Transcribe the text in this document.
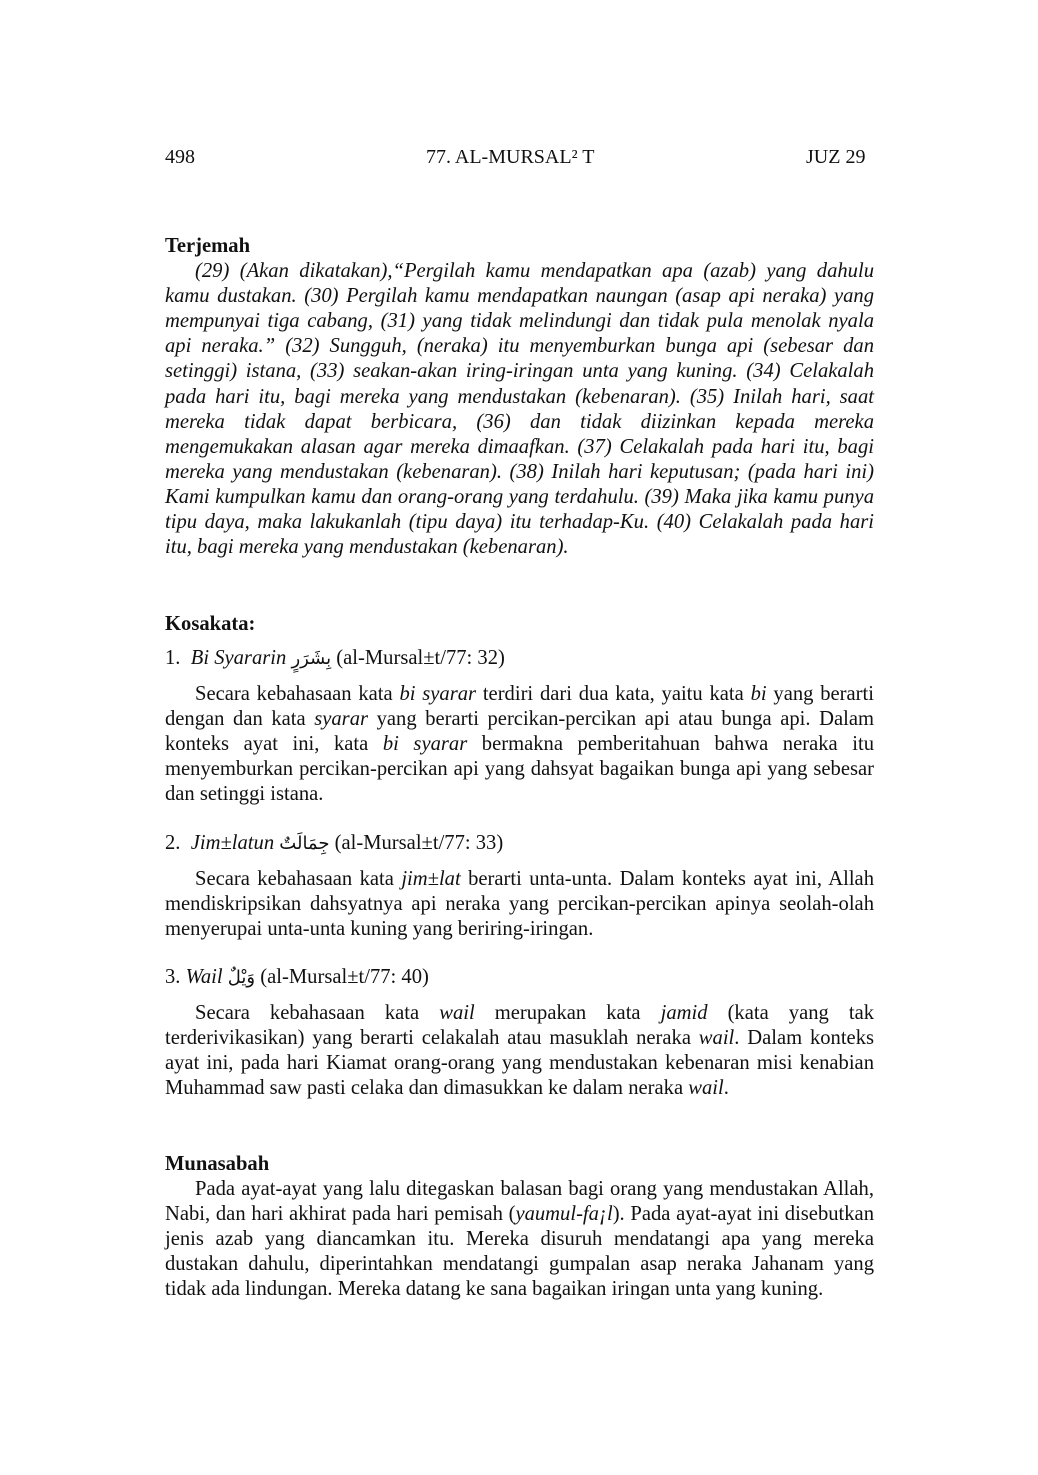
498	77. AL-MURSAL² T	JUZ 29
Terjemah
(29) (Akan dikatakan),“Pergilah kamu mendapatkan apa (azab) yang dahulu kamu dustakan. (30) Pergilah kamu mendapatkan naungan (asap api neraka) yang mempunyai tiga cabang, (31) yang tidak melindungi dan tidak pula menolak nyala api neraka.” (32) Sungguh, (neraka) itu menyemburkan bunga api (sebesar dan setinggi) istana, (33) seakan-akan iring-iringan unta yang kuning. (34) Celakalah pada hari itu, bagi mereka yang mendustakan (kebenaran). (35) Inilah hari, saat mereka tidak dapat berbicara, (36) dan tidak diizinkan kepada mereka mengemukakan alasan agar mereka dimaafkan. (37) Celakalah pada hari itu, bagi mereka yang mendustakan (kebenaran). (38) Inilah hari keputusan; (pada hari ini) Kami kumpulkan kamu dan orang-orang yang terdahulu. (39) Maka jika kamu punya tipu daya, maka lakukanlah (tipu daya) itu terhadap-Ku. (40) Celakalah pada hari itu, bagi mereka yang mendustakan (kebenaran).
Kosakata:
1. Bi Syararin بِشَرَرٍ (al-Mursal±t/77: 32)
Secara kebahasaan kata bi syarar terdiri dari dua kata, yaitu kata bi yang berarti dengan dan kata syarar yang berarti percikan-percikan api atau bunga api. Dalam konteks ayat ini, kata bi syarar bermakna pemberitahuan bahwa neraka itu menyemburkan percikan-percikan api yang dahsyat bagaikan bunga api yang sebesar dan setinggi istana.
2. Jim±latun جِمَالَتٌ (al-Mursal±t/77: 33)
Secara kebahasaan kata jim±lat berarti unta-unta. Dalam konteks ayat ini, Allah mendiskripsikan dahsyatnya api neraka yang percikan-percikan apinya seolah-olah menyerupai unta-unta kuning yang beriring-iringan.
3. Wail وَيْلٌ (al-Mursal±t/77: 40)
Secara kebahasaan kata wail merupakan kata jamid (kata yang tak terderivikasikan) yang berarti celakalah atau masuklah neraka wail. Dalam konteks ayat ini, pada hari Kiamat orang-orang yang mendustakan kebenaran misi kenabian Muhammad saw pasti celaka dan dimasukkan ke dalam neraka wail.
Munasabah
Pada ayat-ayat yang lalu ditegaskan balasan bagi orang yang mendustakan Allah, Nabi, dan hari akhirat pada hari pemisah (yaumul-fa¡l). Pada ayat-ayat ini disebutkan jenis azab yang diancamkan itu. Mereka disuruh mendatangi apa yang mereka dustakan dahulu, diperintahkan mendatangi gumpalan asap neraka Jahanam yang tidak ada lindungan. Mereka datang ke sana bagaikan iringan unta yang kuning.
